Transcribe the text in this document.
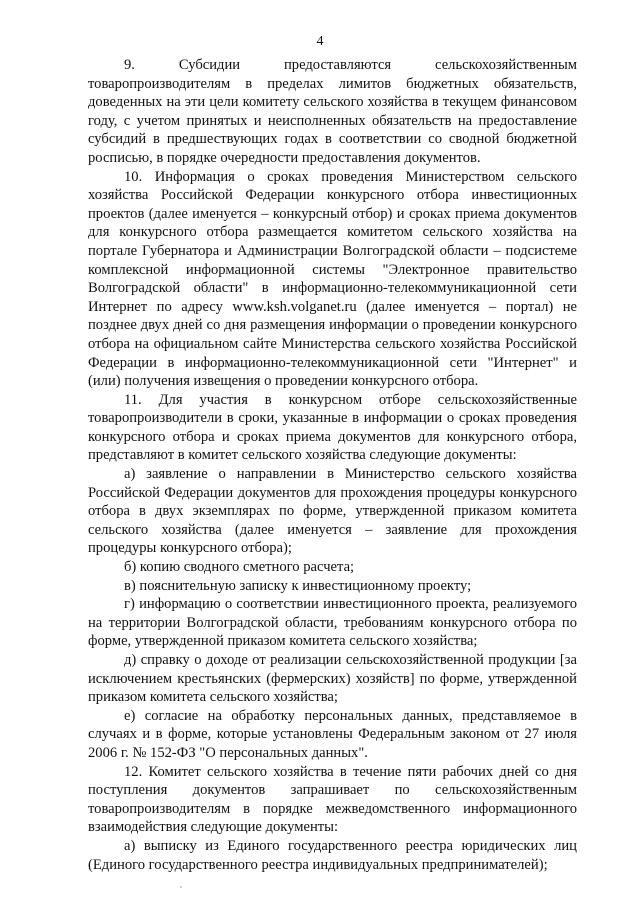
4

9. Субсидии предоставляются сельскохозяйственным товаропроизводителям в пределах лимитов бюджетных обязательств, доведенных на эти цели комитету сельского хозяйства в текущем финансовом году, с учетом принятых и неисполненных обязательств на предоставление субсидий в предшествующих годах в соответствии со сводной бюджетной росписью, в порядке очередности предоставления документов.

10. Информация о сроках проведения Министерством сельского хозяйства Российской Федерации конкурсного отбора инвестиционных проектов (далее именуется – конкурсный отбор) и сроках приема документов для конкурсного отбора размещается комитетом сельского хозяйства на портале Губернатора и Администрации Волгоградской области – подсистеме комплексной информационной системы "Электронное правительство Волгоградской области" в информационно-телекоммуникационной сети Интернет по адресу www.ksh.volganet.ru (далее именуется – портал) не позднее двух дней со дня размещения информации о проведении конкурсного отбора на официальном сайте Министерства сельского хозяйства Российской Федерации в информационно-телекоммуникационной сети "Интернет" и (или) получения извещения о проведении конкурсного отбора.

11. Для участия в конкурсном отборе сельскохозяйственные товаропроизводители в сроки, указанные в информации о сроках проведения конкурсного отбора и сроках приема документов для конкурсного отбора, представляют в комитет сельского хозяйства следующие документы:

а) заявление о направлении в Министерство сельского хозяйства Российской Федерации документов для прохождения процедуры конкурсного отбора в двух экземплярах по форме, утвержденной приказом комитета сельского хозяйства (далее именуется – заявление для прохождения процедуры конкурсного отбора);

б) копию сводного сметного расчета;

в) пояснительную записку к инвестиционному проекту;

г) информацию о соответствии инвестиционного проекта, реализуемого на территории Волгоградской области, требованиям конкурсного отбора по форме, утвержденной приказом комитета сельского хозяйства;

д) справку о доходе от реализации сельскохозяйственной продукции [за исключением крестьянских (фермерских) хозяйств] по форме, утвержденной приказом комитета сельского хозяйства;

е) согласие на обработку персональных данных, представляемое в случаях и в форме, которые установлены Федеральным законом от 27 июля 2006 г. № 152-ФЗ "О персональных данных".

12. Комитет сельского хозяйства в течение пяти рабочих дней со дня поступления документов запрашивает по сельскохозяйственным товаропроизводителям в порядке межведомственного информационного взаимодействия следующие документы:

а) выписку из Единого государственного реестра юридических лиц (Единого государственного реестра индивидуальных предпринимателей);
